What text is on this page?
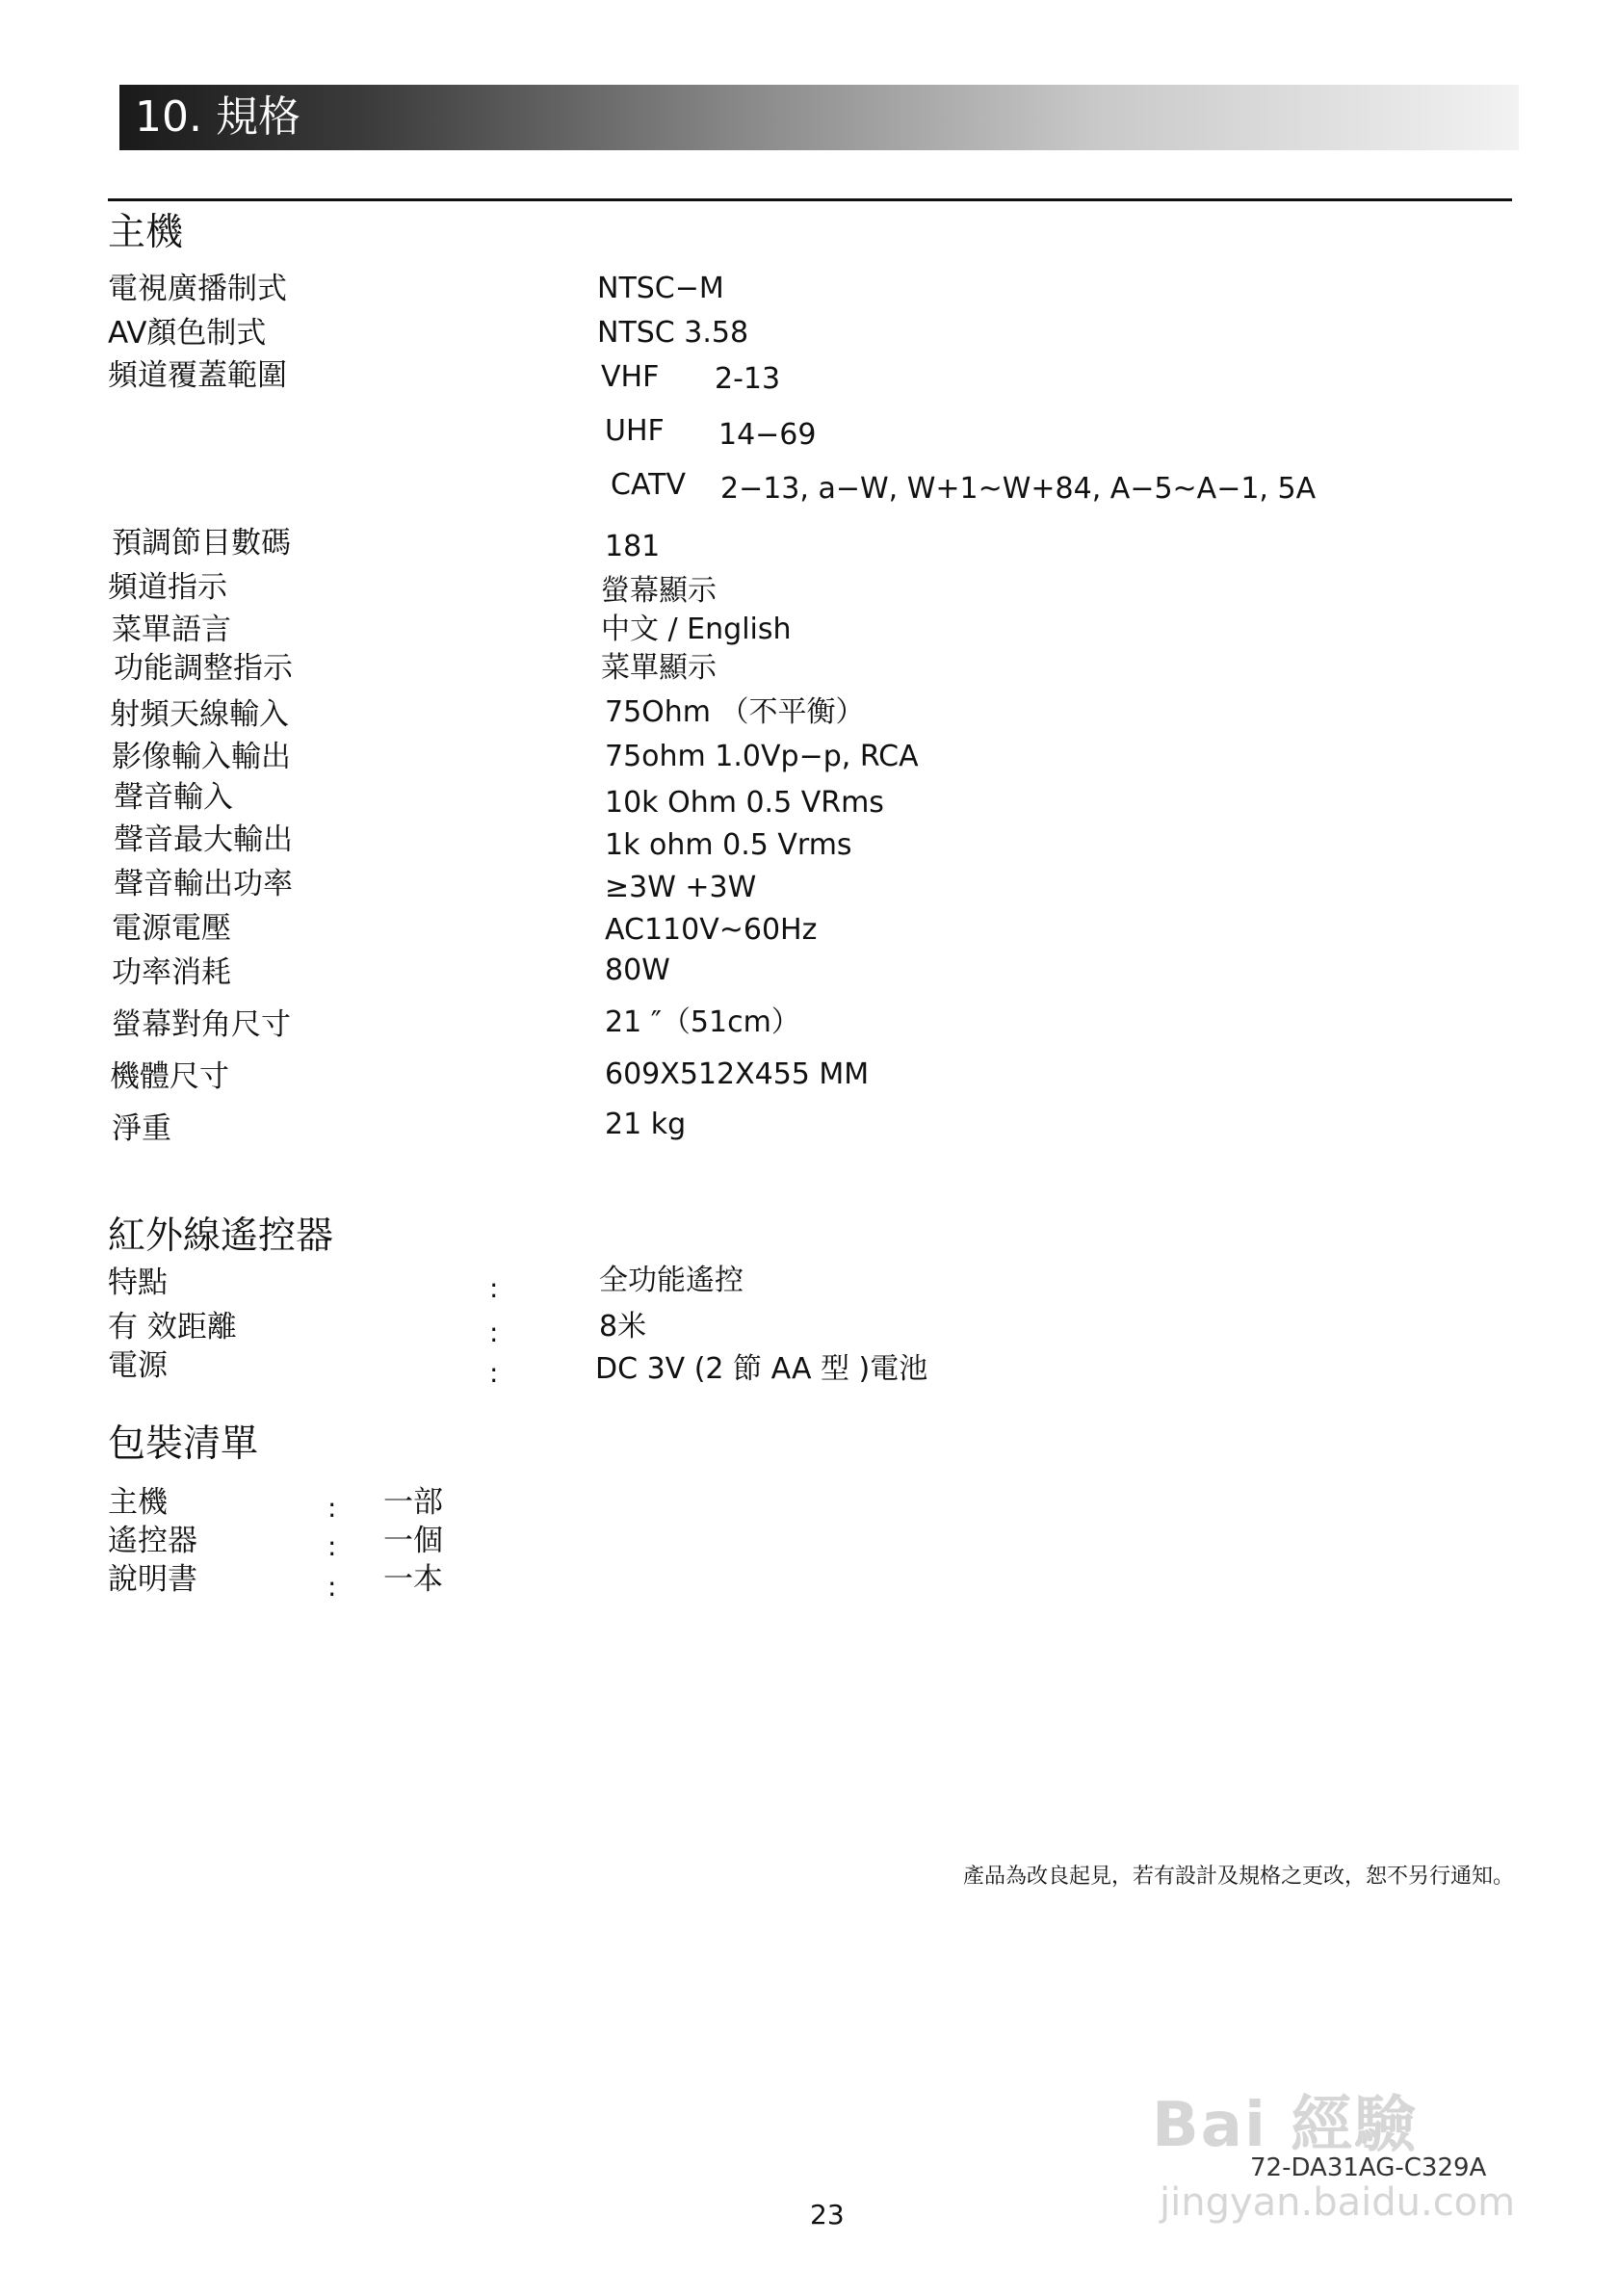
10. 規格
主機
電視廣播制式	NTSC−M
AV顏色制式	NTSC 3.58
頻道覆蓋範圍	VHF 2-13
UHF 14−69
CATV 2−13, a−W, W+1~W+84, A−5~A−1, 5A
預調節目數碼	181
頻道指示	螢幕顯示
菜單語言	中文 / English
功能調整指示	菜單顯示
射頻天線輸入	75Ohm （不平衡）
影像輸入輸出	75ohm 1.0Vp−p, RCA
聲音輸入	10k Ohm 0.5 VRms
聲音最大輸出	1k ohm 0.5 Vrms
聲音輸出功率	≥3W +3W
電源電壓	AC110V~60Hz
功率消耗	80W
螢幕對角尺寸	21 ″（51cm）
機體尺寸	609X512X455 MM
淨重	21 kg
紅外線遙控器
特點	:	全功能遙控
有 效距離	:	8米
電源	:	DC 3V (2 節 AA 型 )電池
包裝清單
主機	: 一部
遙控器	: 一個
說明書	: 一本
產品為改良起見，若有設計及規格之更改，恕不另行通知。
Bai 經驗
72-DA31AG-C329A
jingyan.baidu.com
23
